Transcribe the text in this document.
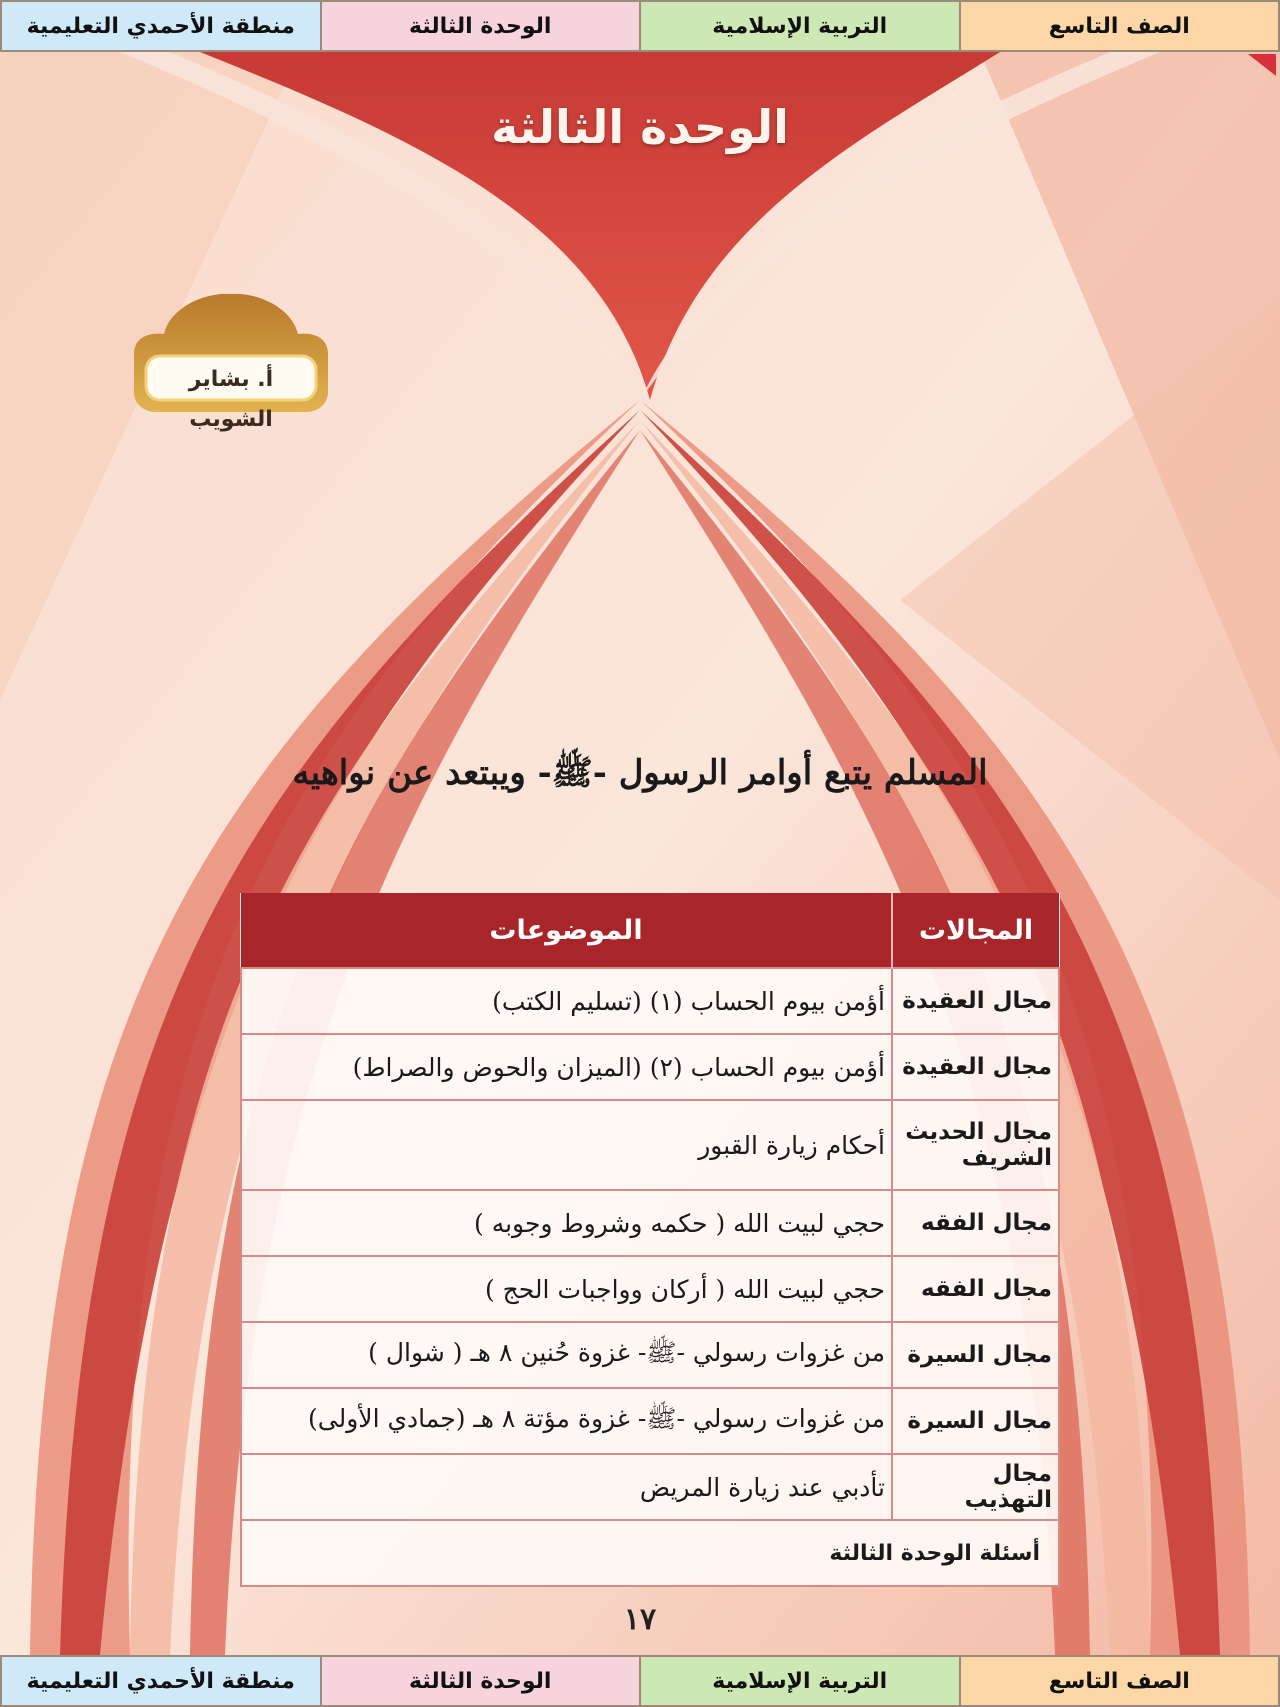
الصف التاسع
التربية الإسلامية
الوحدة الثالثة
منطقة الأحمدي التعليمية
الوحدة الثالثة
أ. بشاير الشويب
المسلم يتبع أوامر الرسول -ﷺ- ويبتعد عن نواهيه
المجالات	الموضوعات
مجال العقيدة	أؤمن بيوم الحساب (١) (تسليم الكتب)
مجال العقيدة	أؤمن بيوم الحساب (٢) (الميزان والحوض والصراط)
مجال الحديث الشريف	أحكام زيارة القبور
مجال الفقه	حجي لبيت الله ( حكمه وشروط وجوبه )
مجال الفقه	حجي لبيت الله ( أركان وواجبات الحج )
مجال السيرة	من غزوات رسولي -ﷺ- غزوة حُنين ٨ هـ ( شوال )
مجال السيرة	من غزوات رسولي -ﷺ- غزوة مؤتة ٨ هـ (جمادي الأولى)
مجال التهذيب	تأدبي عند زيارة المريض
أسئلة الوحدة الثالثة	
١٧
الصف التاسع
التربية الإسلامية
الوحدة الثالثة
منطقة الأحمدي التعليمية
